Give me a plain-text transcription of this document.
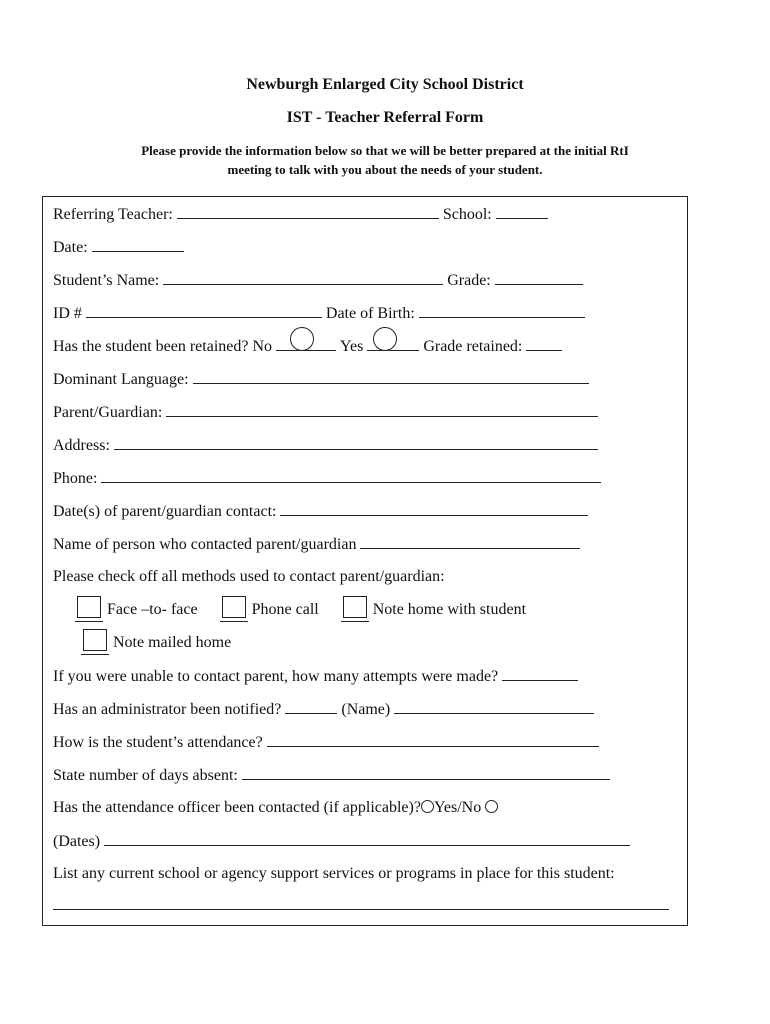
Newburgh Enlarged City School District
IST - Teacher Referral Form
Please provide the information below so that we will be better prepared at the initial RtI
meeting to talk with you about the needs of your student.
Referring Teacher:	School:
Date:
Student’s Name:	Grade:
ID #	Date of Birth:
Has the student been retained? No	Yes	Grade retained:
Dominant Language:
Parent/Guardian:
Address:
Phone:
Date(s) of parent/guardian contact:
Name of person who contacted parent/guardian
Please check off all methods used to contact parent/guardian:
Face –to- face	Phone call	Note home with student
Note mailed home
If you were unable to contact parent, how many attempts were made?
Has an administrator been notified?	(Name)
How is the student’s attendance?
State number of days absent:
Has the attendance officer been contacted (if applicable)? Yes/No
(Dates)
List any current school or agency support services or programs in place for this student:
